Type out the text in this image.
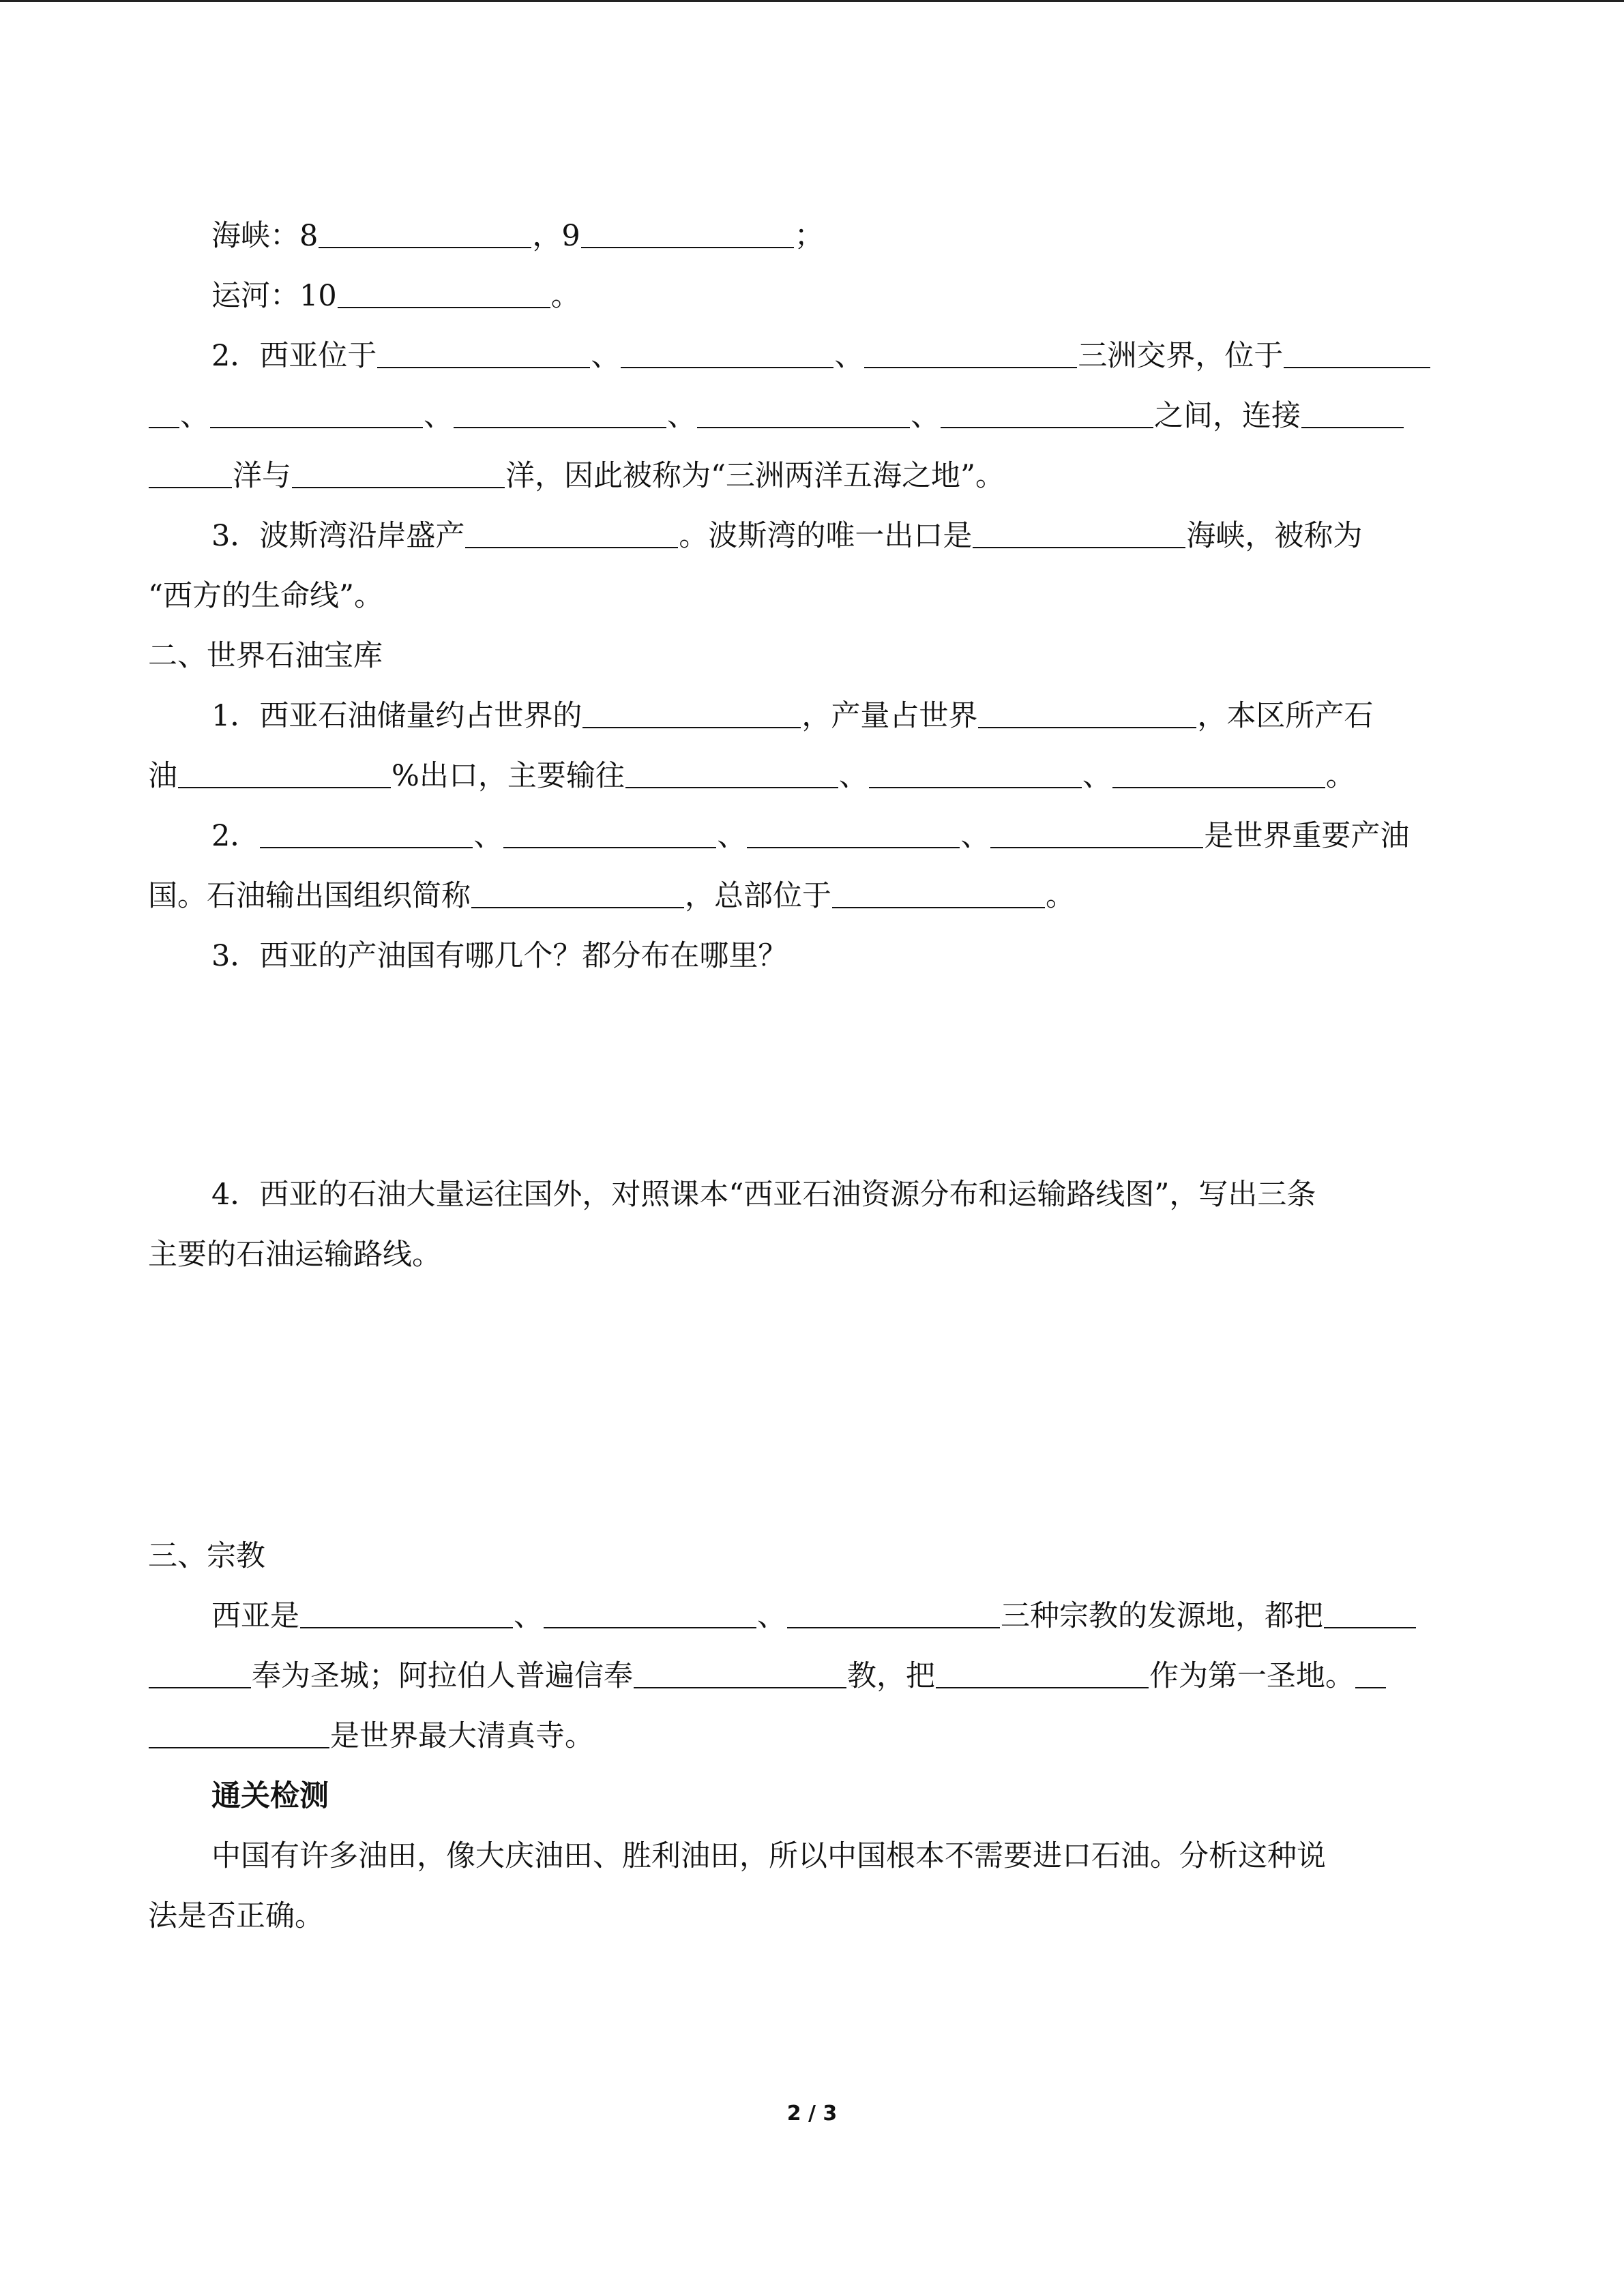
海峡：8	，9	；
运河：10	。
2．西亚位于	、	、	三洲交界，位于
、	、	、	、	之间，连接
洋与	洋，因此被称为“三洲两洋五海之地”。
3．波斯湾沿岸盛产	。波斯湾的唯一出口是	海峡，被称为
“西方的生命线”。
二、世界石油宝库
1．西亚石油储量约占世界的	，产量占世界	，本区所产石
油	%出口，主要输往	、	、	。
2．	、	、	、	是世界重要产油
国。石油输出国组织简称	，总部位于	。
3．西亚的产油国有哪几个？都分布在哪里？
4．西亚的石油大量运往国外，对照课本“西亚石油资源分布和运输路线图”，写出三条
主要的石油运输路线。
三、宗教
西亚是	、	、	三种宗教的发源地，都把
奉为圣城；阿拉伯人普遍信奉	教，把	作为第一圣地。
是世界最大清真寺。
通关检测
中国有许多油田，像大庆油田、胜利油田，所以中国根本不需要进口石油。分析这种说
法是否正确。
2 / 3
